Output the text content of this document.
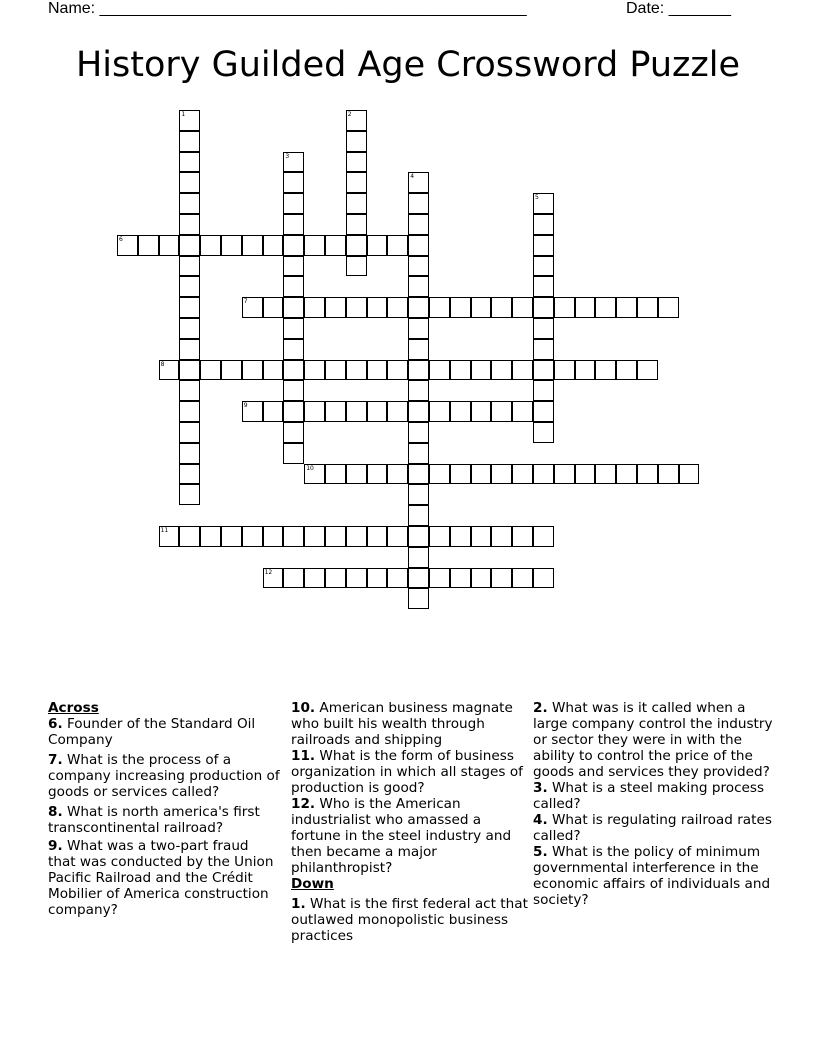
Name: ________________________________________________	Date: _______
History Guilded Age Crossword Puzzle
1	2
3
4
5
6
7
8
9
10
11
12
Across
6. Founder of the Standard Oil Company
7. What is the process of a company increasing production of goods or services called?
8. What is north america's first transcontinental railroad?
9. What was a two-part fraud that was conducted by the Union Pacific Railroad and the Crédit Mobilier of America construction company?
10. American business magnate who built his wealth through railroads and shipping
11. What is the form of business organization in which all stages of production is good?
12. Who is the American industrialist who amassed a fortune in the steel industry and then became a major philanthropist?
Down
1. What is the first federal act that outlawed monopolistic business practices
2. What was is it called when a large company control the industry or sector they were in with the ability to control the price of the goods and services they provided?
3. What is a steel making process called?
4. What is regulating railroad rates called?
5. What is the policy of minimum governmental interference in the economic affairs of individuals and society?
